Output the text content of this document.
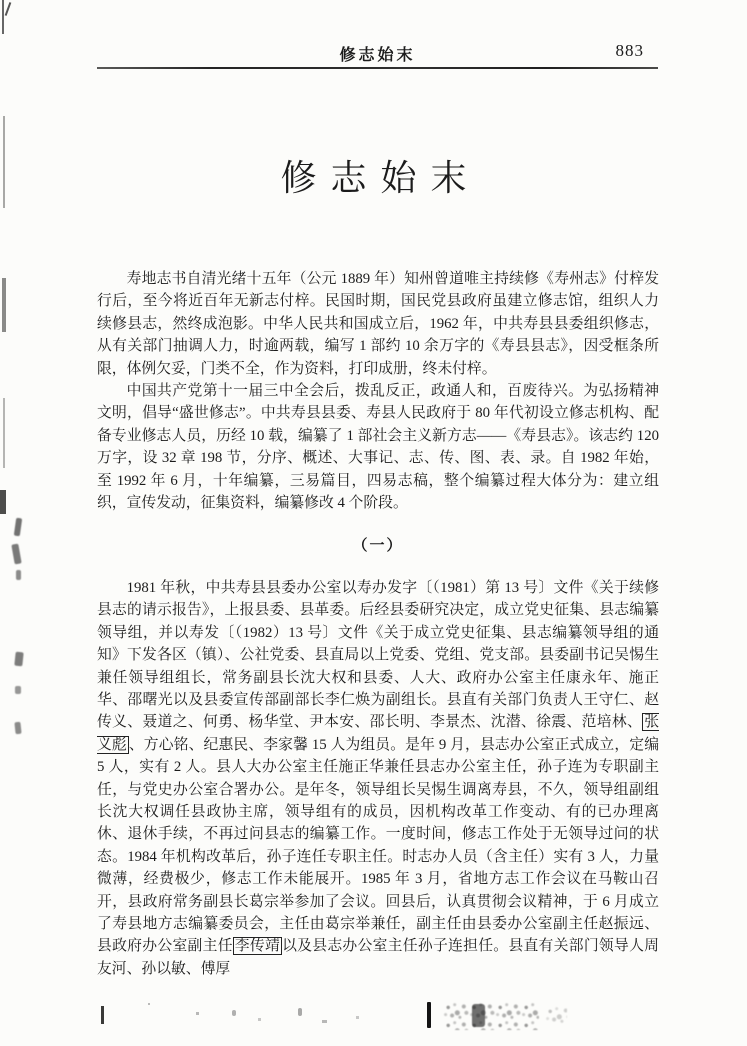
修志始末	883
修志始末

寿地志书自清光绪十五年（公元 1889 年）知州曾道唯主持续修《寿州志》付梓发行后，至今将近百年无新志付梓。民国时期，国民党县政府虽建立修志馆，组织人力续修县志，然终成泡影。中华人民共和国成立后，1962 年，中共寿县县委组织修志，从有关部门抽调人力，时逾两载，编写 1 部约 10 余万字的《寿县县志》，因受框条所限，体例欠妥，门类不全，作为资料，打印成册，终未付梓。

中国共产党第十一届三中全会后，拨乱反正，政通人和，百废待兴。为弘扬精神文明，倡导“盛世修志”。中共寿县县委、寿县人民政府于 80 年代初设立修志机构、配备专业修志人员，历经 10 载，编纂了 1 部社会主义新方志——《寿县志》。该志约 120 万字，设 32 章 198 节，分序、概述、大事记、志、传、图、表、录。自 1982 年始，至 1992 年 6 月，十年编纂，三易篇目，四易志稿，整个编纂过程大体分为：建立组织，宣传发动，征集资料，编纂修改 4 个阶段。

（一）

1981 年秋，中共寿县县委办公室以寿办发字〔（1981）第 13 号〕文件《关于续修县志的请示报告》，上报县委、县革委。后经县委研究决定，成立党史征集、县志编纂领导组，并以寿发〔（1982）13 号〕文件《关于成立党史征集、县志编纂领导组的通知》下发各区（镇）、公社党委、县直局以上党委、党组、党支部。县委副书记吴惕生兼任领导组组长，常务副县长沈大权和县委、人大、政府办公室主任康永年、施正华、邵曙光以及县委宣传部副部长李仁焕为副组长。县直有关部门负责人王守仁、赵传义、聂道之、何勇、杨华堂、尹本安、邵长明、李景杰、沈潜、徐震、范培林、 张义彪 、方心铭、纪惠民、李家馨 15 人为组员。是年 9 月，县志办公室正式成立，定编 5 人，实有 2 人。县人大办公室主任施正华兼任县志办公室主任，孙子连为专职副主任，与党史办公室合署办公。是年冬，领导组长吴惕生调离寿县，不久，领导组副组长沈大权调任县政协主席，领导组有的成员，因机构改革工作变动、有的已办理离休、退休手续，不再过问县志的编纂工作。一度时间，修志工作处于无领导过问的状态。1984 年机构改革后，孙子连任专职主任。时志办人员（含主任）实有 3 人，力量微薄，经费极少，修志工作未能展开。1985 年 3 月，省地方志工作会议在马鞍山召开，县政府常务副县长葛宗举参加了会议。回县后，认真贯彻会议精神，于 6 月成立了寿县地方志编纂委员会，主任由葛宗举兼任，副主任由县委办公室副主任赵振远、县政府办公室副主任 李传靖 以及县志办公室主任孙子连担任。县直有关部门领导人周友河、孙以敏、傅厚
